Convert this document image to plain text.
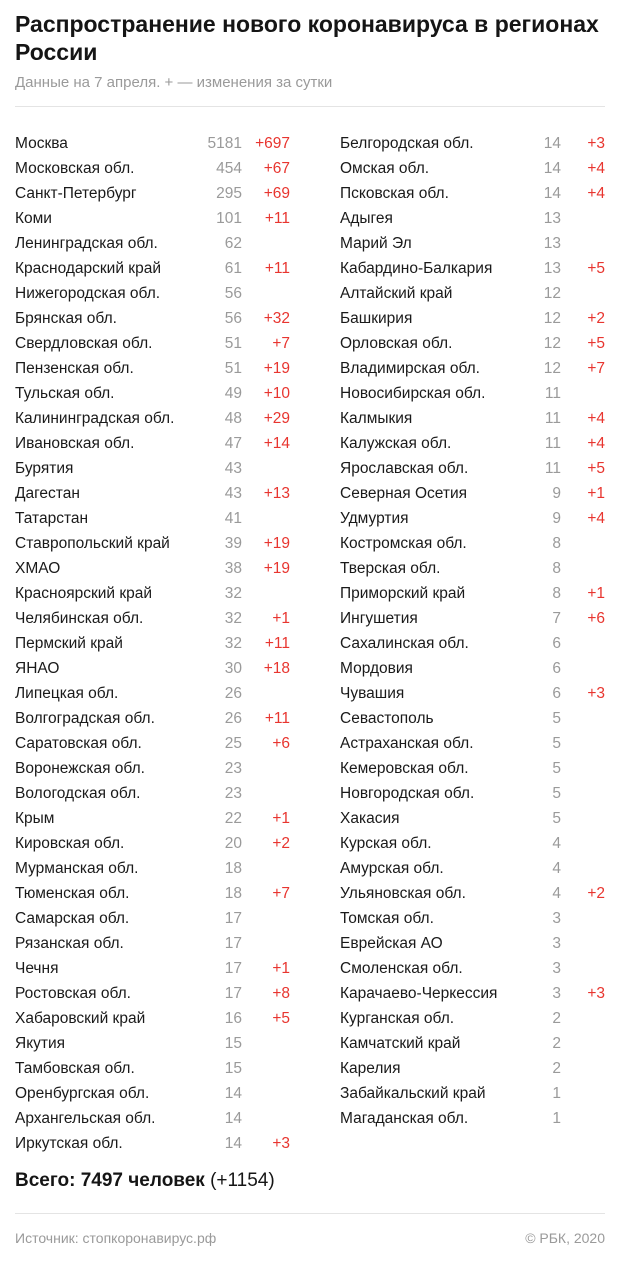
Распространение нового коронавируса в регионах России
Данные на 7 апреля. + — изменения за сутки
Москва	5181 +697
Московская обл.	454	+67
Санкт-Петербург	295	+69
Коми	101	+11
Ленинградская обл.	62
Краснодарский край	61	+11
Нижегородская обл.	56
Брянская обл.	56	+32
Свердловская обл.	51	+7
Пензенская обл.	51	+19
Тульская обл.	49	+10
Калининградская обл.	48	+29
Ивановская обл.	47	+14
Бурятия	43
Дагестан	43	+13
Татарстан	41
Ставропольский край	39	+19
ХМАО	38	+19
Красноярский край	32
Челябинская обл.	32	+1
Пермский край	32	+11
ЯНАО	30	+18
Липецкая обл.	26
Волгоградская обл.	26	+11
Саратовская обл.	25	+6
Воронежская обл.	23
Вологодская обл.	23
Крым	22	+1
Кировская обл.	20	+2
Мурманская обл.	18
Тюменская обл.	18	+7
Самарская обл.	17
Рязанская обл.	17
Чечня	17	+1
Ростовская обл.	17	+8
Хабаровский край	16	+5
Якутия	15
Тамбовская обл.	15
Оренбургская обл.	14
Архангельская обл.	14
Иркутская обл.	14	+3
Белгородская обл.	14	+3
Омская обл.	14	+4
Псковская обл.	14	+4
Адыгея	13
Марий Эл	13
Кабардино-Балкария	13	+5
Алтайский край	12
Башкирия	12	+2
Орловская обл.	12	+5
Владимирская обл.	12	+7
Новосибирская обл.	11
Калмыкия	11	+4
Калужская обл.	11	+4
Ярославская обл.	11	+5
Северная Осетия	9	+1
Удмуртия	9	+4
Костромская обл.	8
Тверская обл.	8
Приморский край	8	+1
Ингушетия	7	+6
Сахалинская обл.	6
Мордовия	6
Чувашия	6	+3
Севастополь	5
Астраханская обл.	5
Кемеровская обл.	5
Новгородская обл.	5
Хакасия	5
Курская обл.	4
Амурская обл.	4
Ульяновская обл.	4	+2
Томская обл.	3
Еврейская АО	3
Смоленская обл.	3
Карачаево-Черкессия	3	+3
Курганская обл.	2
Камчатский край	2
Карелия	2
Забайкальский край	1
Магаданская обл.	1
Всего: 7497 человек (+1154)
Источник: стопкоронавирус.рф	© РБК, 2020
